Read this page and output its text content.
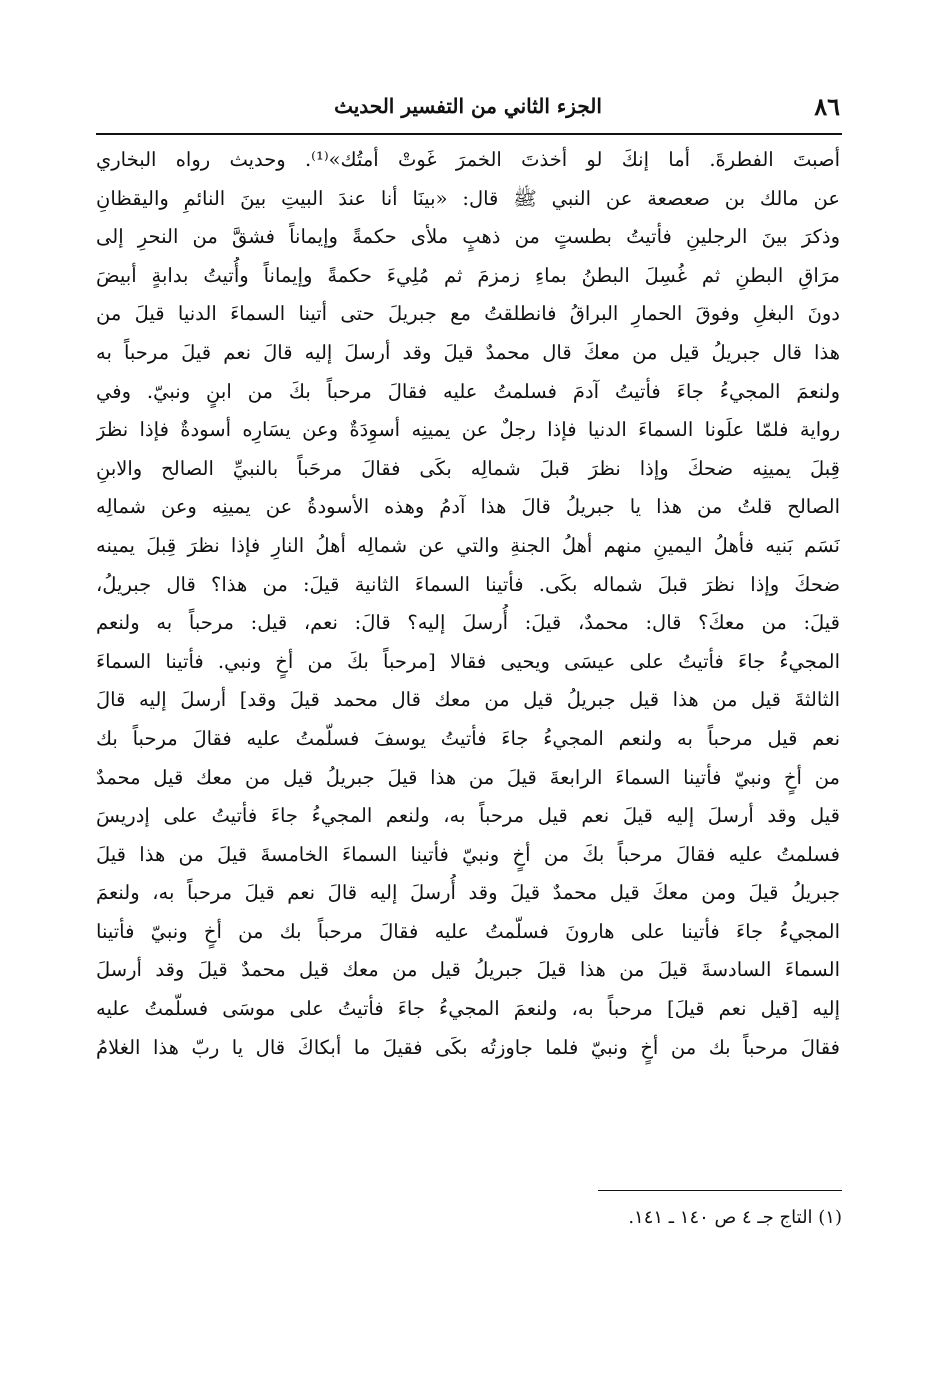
٨٦
الجزء الثاني من التفسير الحديث
أصبتَ الفطرةَ. أما إنكَ لو أخذتَ الخمرَ غَوتْ أمتُك»⁽¹⁾. وحديث رواه البخاري
عن مالك بن صعصعة عن النبي ﷺ قال: «بينَا أنا عندَ البيتِ بينَ النائمِ واليقظانِ
وذكرَ بينَ الرجلينِ فأتيتُ بطستٍ من ذهبٍ ملأى حكمةً وإيماناً فشقَّ من النحرِ إلى
مرَاقِ البطنِ ثم غُسِلَ البطنُ بماءِ زمزمَ ثم مُلِيءَ حكمةً وإيماناً وأُتيتُ بدابةٍ أبيضَ
دونَ البغلِ وفوقَ الحمارِ البراقُ فانطلقتُ مع جبريلَ حتى أتينا السماءَ الدنيا قيلَ من
هذا قال جبريلُ قيل من معكَ قال محمدٌ قيلَ وقد أرسلَ إليه قالَ نعم قيلَ مرحباً به
ولنعمَ المجيءُ جاءَ فأتيتُ آدمَ فسلمتُ عليه فقالَ مرحباً بكَ من ابنٍ ونبيّ. وفي
رواية فلمّا علَونا السماءَ الدنيا فإذا رجلٌ عن يمينِه أسوِدَةٌ وعن يسَارِه أسودةٌ فإذا نظرَ
قِبلَ يمينِه ضحكَ وإذا نظرَ قبلَ شمالِه بكَى فقالَ مرحَباً بالنبيِّ الصالح والابنِ
الصالح قلتُ من هذا يا جبريلُ قالَ هذا آدمُ وهذه الأسودةُ عن يمينِه وعن شمالِه
نَسَم بَنيه فأهلُ اليمينِ منهم أهلُ الجنةِ والتي عن شمالِه أهلُ النارِ فإذا نظرَ قِبلَ يمينه
ضحكَ وإذا نظرَ قبلَ شماله بكَى. فأتينا السماءَ الثانية قيلَ: من هذا؟ قال جبريلُ،
قيلَ: من معكَ؟ قال: محمدٌ، قيلَ: أُرسلَ إليه؟ قالَ: نعم، قيل: مرحباً به ولنعم
المجيءُ جاءَ فأتيتُ على عيسَى ويحيى فقالا [مرحباً بكَ من أخٍ ونبي. فأتينا السماءَ
الثالثةَ قيل من هذا قيل جبريلُ قيل من معك قال محمد قيلَ وقد] أرسلَ إليه قالَ
نعم قيل مرحباً به ولنعم المجيءُ جاءَ فأتيتُ يوسفَ فسلّمتُ عليه فقالَ مرحباً بك
من أخٍ ونبيّ فأتينا السماءَ الرابعةَ قيلَ من هذا قيلَ جبريلُ قيل من معك قيل محمدٌ
قيل وقد أرسلَ إليه قيلَ نعم قيل مرحباً به، ولنعم المجيءُ جاءَ فأتيتُ على إدريسَ
فسلمتُ عليه فقالَ مرحباً بكَ من أخٍ ونبيّ فأتينا السماءَ الخامسةَ قيلَ من هذا قيلَ
جبريلُ قيلَ ومن معكَ قيل محمدٌ قيلَ وقد أُرسلَ إليه قالَ نعم قيلَ مرحباً به، ولنعمَ
المجيءُ جاءَ فأتينا على هارونَ فسلّمتُ عليه فقالَ مرحباً بك من أخٍ ونبيّ فأتينا
السماءَ السادسةَ قيلَ من هذا قيلَ جبريلُ قيل من معك قيل محمدٌ قيلَ وقد أرسلَ
إليه [قيل نعم قيلَ] مرحباً به، ولنعمَ المجيءُ جاءَ فأتيتُ على موسَى فسلّمتُ عليه
فقالَ مرحباً بك من أخٍ ونبيّ فلما جاوزتُه بكَى فقيلَ ما أبكاكَ قال يا ربّ هذا الغلامُ
(١) التاج جـ ٤ ص ١٤٠ ـ ١٤١.
